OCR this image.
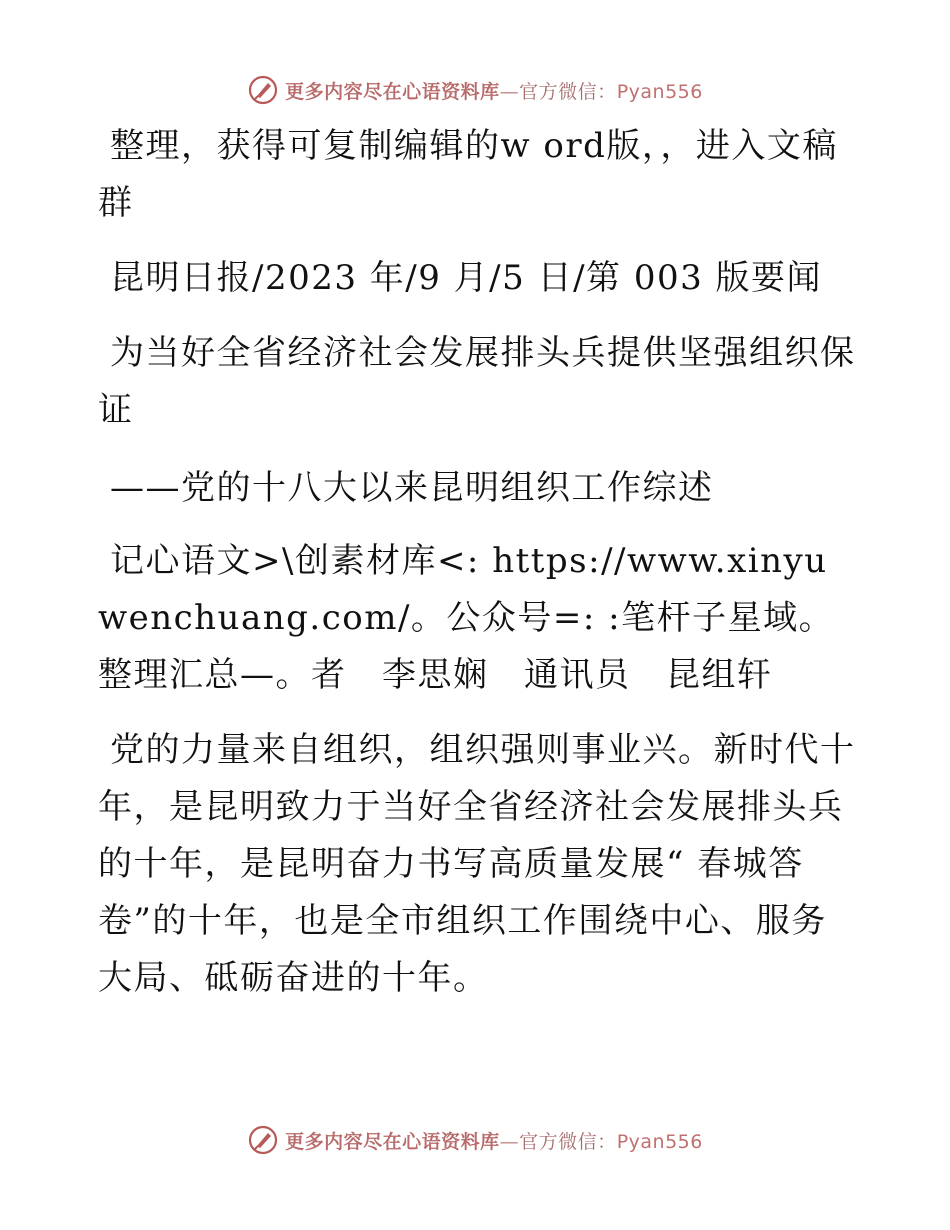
更多内容尽在心语资料库—官方微信：Pyan556

整理，获得可复制编辑的w ord版，，进入文稿群

昆明日报/2023 年/9 月/5 日/第 003 版要闻

为当好全省经济社会发展排头兵提供坚强组织保证

——党的十八大以来昆明组织工作综述

记心语文>\创素材库<: https://www.xinyuwenchuang.com/。公众号=: :笔杆子星域。整理汇总—。者　李思娴　通讯员　昆组轩

党的力量来自组织，组织强则事业兴。新时代十年，是昆明致力于当好全省经济社会发展排头兵的十年，是昆明奋力书写高质量发展“ 春城答卷”的十年，也是全市组织工作围绕中心、服务大局、砥砺奋进的十年。

更多内容尽在心语资料库—官方微信：Pyan556
